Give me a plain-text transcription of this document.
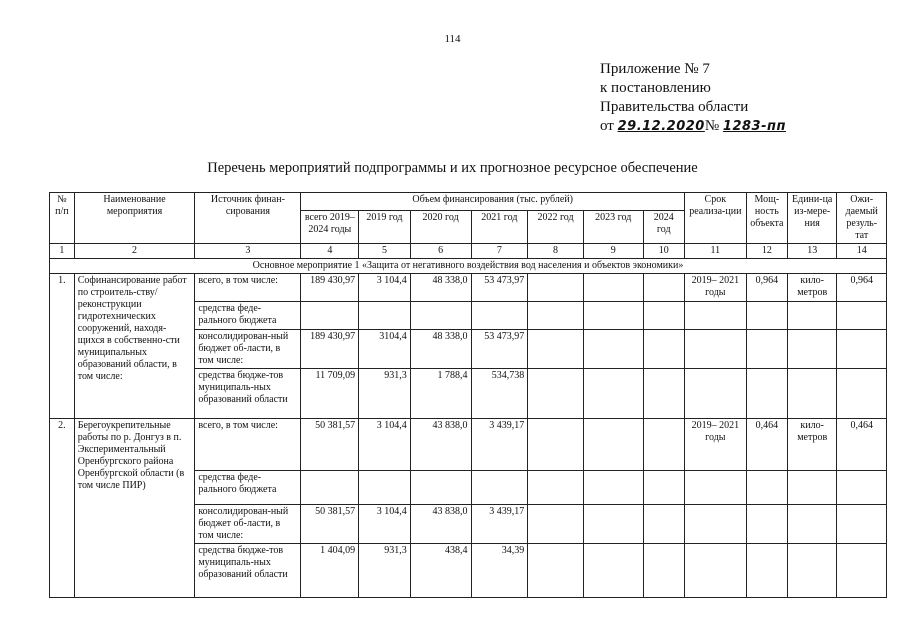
114
Приложение № 7
к постановлению
Правительства области
от 29.12.2020№ 1283-пп
Перечень мероприятий подпрограммы и их прогнозное ресурсное обеспечение
№ п/п	Наименование мероприятия	Источник финан-сирования	Объем финансирования (тыс. рублей)							Срок реализа-ции	Мощ-ность объекта	Едини-ца из-мере-ния	Ожи-даемый резуль-тат
			всего 2019–2024 годы	2019 год	2020 год	2021 год	2022 год	2023 год	2024 год				
1	2	3	4	5	6	7	8	9	10	11	12	13	14
Основное мероприятие 1 «Защита от негативного воздействия вод населения и объектов экономики»													
1.	Софинансирование работ по строитель-ству/ реконструкции гидротехнических сооружений, находя-щихся в собственно-сти муниципальных образований области, в том числе:	всего, в том числе:	189 430,97	3 104,4	48 338,0	53 473,97				2019– 2021 годы	0,964	кило-метров	0,964
		средства феде-рального бюджета											
		консолидирован-ный бюджет об-ласти, в том числе:	189 430,97	3104,4	48 338,0	53 473,97							
		средства бюдже-тов муниципаль-ных образований области	11 709,09	931,3	1 788,4	534,738							
2.	Берегоукрепительные работы по р. Донгуз в п. Экспериментальный Оренбургского района Оренбургской области (в том числе ПИР)	всего, в том числе:	50 381,57	3 104,4	43 838,0	3 439,17				2019– 2021 годы	0,464	кило-метров	0,464
		средства феде-рального бюджета											
		консолидирован-ный бюджет об-ласти, в том числе:	50 381,57	3 104,4	43 838,0	3 439,17							
		средства бюдже-тов муниципаль-ных образований области	1 404,09	931,3	438,4	34,39							
